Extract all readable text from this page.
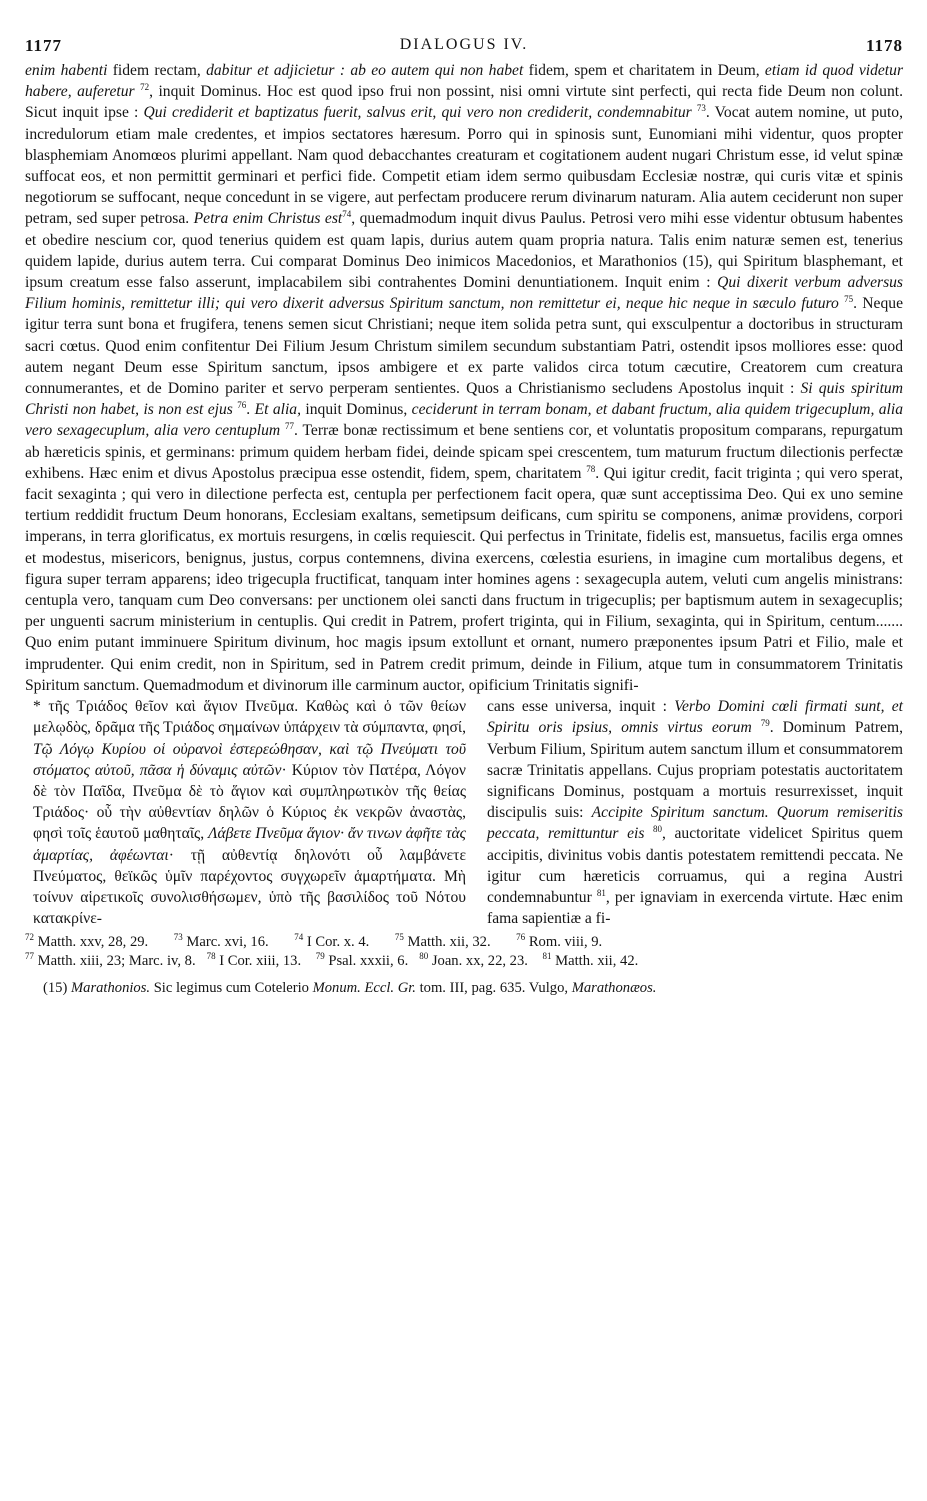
1177	DIALOGUS IV.	1178

enim habenti fidem rectam, dabitur et adjicietur : ab eo autem qui non habet fidem, spem et charitatem in Deum, etiam id quod videtur habere, auferetur $^{72}$, inquit Dominus. Hoc est quod ipso frui non possint, nisi omni virtute sint perfecti, qui recta fide Deum non colunt. Sicut inquit ipse : Qui crediderit et baptizatus fuerit, salvus erit, qui vero non crediderit, condemnabitur $^{73}$. Vocat autem nomine, ut puto, incredulorum etiam male credentes, et impios sectatores hæresum. Porro qui in spinosis sunt, Eunomiani mihi videntur, quos propter blasphemiam Anomœos plurimi appellant. Nam quod debacchantes creaturam et cogitationem audent nugari Christum esse, id velut spinæ suffocat eos, et non permittit germinari et perfici fide. Competit etiam idem sermo quibusdam Ecclesiæ nostræ, qui curis vitæ et spinis negotiorum se suffocant, neque concedunt in se vigere, aut perfectam producere rerum divinarum naturam. Alia autem ceciderunt non super petram, sed super petrosa. Petra enim Christus est$^{74}$, quemadmodum inquit divus Paulus. Petrosi vero mihi esse videntur obtusum habentes et obedire nescium cor, quod tenerius quidem est quam lapis, durius autem quam propria natura. Talis enim naturæ semen est, tenerius quidem lapide, durius autem terra. Cui comparat Dominus Deo inimicos Macedonios, et Marathonios (15), qui Spiritum blasphemant, et ipsum creatum esse falso asserunt, implacabilem sibi contrahentes Domini denuntiationem. Inquit enim : Qui dixerit verbum adversus Filium hominis, remittetur illi; qui vero dixerit adversus Spiritum sanctum, non remittetur ei, neque hic neque in sæculo futuro $^{75}$. Neque igitur terra sunt bona et frugifera, tenens semen sicut Christiani; neque item solida petra sunt, qui exsculpentur a doctoribus in structuram sacri cœtus. Quod enim confitentur Dei Filium Jesum Christum similem secundum substantiam Patri, ostendit ipsos molliores esse: quod autem negant Deum esse Spiritum sanctum, ipsos ambigere et ex parte validos circa totum cæcutire, Creatorem cum creatura connumerantes, et de Domino pariter et servo perperam sentientes. Quos a Christianismo secludens Apostolus inquit : Si quis spiritum Christi non habet, is non est ejus $^{76}$. Et alia, inquit Dominus, ceciderunt in terram bonam, et dabant fructum, alia quidem trigecuplum, alia vero sexagecuplum, alia vero centuplum $^{77}$. Terræ bonæ rectissimum et bene sentiens cor, et voluntatis propositum comparans, repurgatum ab hæreticis spinis, et germinans: primum quidem herbam fidei, deinde spicam spei crescentem, tum maturum fructum dilectionis perfectæ exhibens. Hæc enim et divus Apostolus præcipua esse ostendit, fidem, spem, charitatem $^{78}$. Qui igitur credit, facit triginta ; qui vero sperat, facit sexaginta ; qui vero in dilectione perfecta est, centupla per perfectionem facit opera, quæ sunt acceptissima Deo. Qui ex uno semine tertium reddidit fructum Deum honorans, Ecclesiam exaltans, semetipsum deificans, cum spiritu se componens, animæ providens, corpori imperans, in terra glorificatus, ex mortuis resurgens, in cœlis requiescit. Qui perfectus in Trinitate, fidelis est, mansuetus, facilis erga omnes et modestus, misericors, benignus, justus, corpus contemnens, divina exercens, cœlestia esuriens, in imagine cum mortalibus degens, et figura super terram apparens; ideo trigecupla fructificat, tanquam inter homines agens : sexagecupla autem, veluti cum angelis ministrans: centupla vero, tanquam cum Deo conversans: per unctionem olei sancti dans fructum in trigecuplis; per baptismum autem in sexagecuplis; per unguenti sacrum ministerium in centuplis. Qui credit in Patrem, profert triginta, qui in Filium, sexaginta, qui in Spiritum, centum....... Quo enim putant imminuere Spiritum divinum, hoc magis ipsum extollunt et ornant, numero præponentes ipsum Patri et Filio, male et imprudenter. Qui enim credit, non in Spiritum, sed in Patrem credit primum, deinde in Filium, atque tum in consummatorem Trinitatis Spiritum sanctum. Quemadmodum et divinorum ille carminum auctor, opificium Trinitatis signifi-

* τῆς Τριάδος θεῖον καὶ ἅγιον Πνεῦμα. Καθὼς καὶ ὁ τῶν θείων μελῳδὸς, δρᾶμα τῆς Τριάδος σημαίνων ὑπάρχειν τὰ σύμπαντα, φησί, Τῷ Λόγῳ Κυρίου οἱ οὐρανοὶ ἐστερεώθησαν, καὶ τῷ Πνεύματι τοῦ στόματος αὐτοῦ, πᾶσα ἡ δύναμις αὐτῶν· Κύριον τὸν Πατέρα, Λόγον δὲ τὸν Παῖδα, Πνεῦμα δὲ τὸ ἅγιον καὶ συμπληρωτικὸν τῆς θείας Τριάδος· οὗ τὴν αὐθεντίαν δηλῶν ὁ Κύριος ἐκ νεκρῶν ἀναστὰς, φησὶ τοῖς ἑαυτοῦ μαθηταῖς, Λάβετε Πνεῦμα ἅγιον· ἄν τινων ἀφῆτε τὰς ἁμαρτίας, ἀφέωνται· τῇ αὐθεντίᾳ δηλονότι οὗ λαμβάνετε Πνεύματος, θεϊκῶς ὑμῖν παρέχοντος συγχωρεῖν ἁμαρτήματα. Μὴ τοίνυν αἱρετικοῖς συνολισθήσωμεν, ὑπὸ τῆς βασιλίδος τοῦ Νότου κατακρίνε-
cans esse universa, inquit : Verbo Domini cœli firmati sunt, et Spiritu oris ipsius, omnis virtus eorum $^{79}$. Dominum Patrem, Verbum Filium, Spiritum autem sanctum illum et consummatorem sacræ Trinitatis appellans. Cujus propriam potestatis auctoritatem significans Dominus, postquam a mortuis resurrexisset, inquit discipulis suis: Accipite Spiritum sanctum. Quorum remiseritis peccata, remittuntur eis $^{80}$, auctoritate videlicet Spiritus quem accipitis, divinitus vobis dantis potestatem remittendi peccata. Ne igitur cum hæreticis corruamus, qui a regina Austri condemnabuntur $^{81}$, per ignaviam in exercenda virtute. Hæc enim fama sapientiæ a fi-
$^{72}$ Matth. xxv, 28, 29.	$^{73}$ Marc. xvi, 16.	$^{74}$ I Cor. x. 4.	$^{75}$ Matth. xii, 32.	$^{76}$ Rom. viii, 9.
$^{77}$ Matth. xiii, 23; Marc. iv, 8. $^{78}$ I Cor. xiii, 13. $^{79}$ Psal. xxxii, 6. $^{80}$ Joan. xx, 22, 23. $^{81}$ Matth. xii, 42.
(15) Marathonios. Sic legimus cum Cotelerio Monum. Eccl. Gr. tom. III, pag. 635. Vulgo, Marathonæos.
